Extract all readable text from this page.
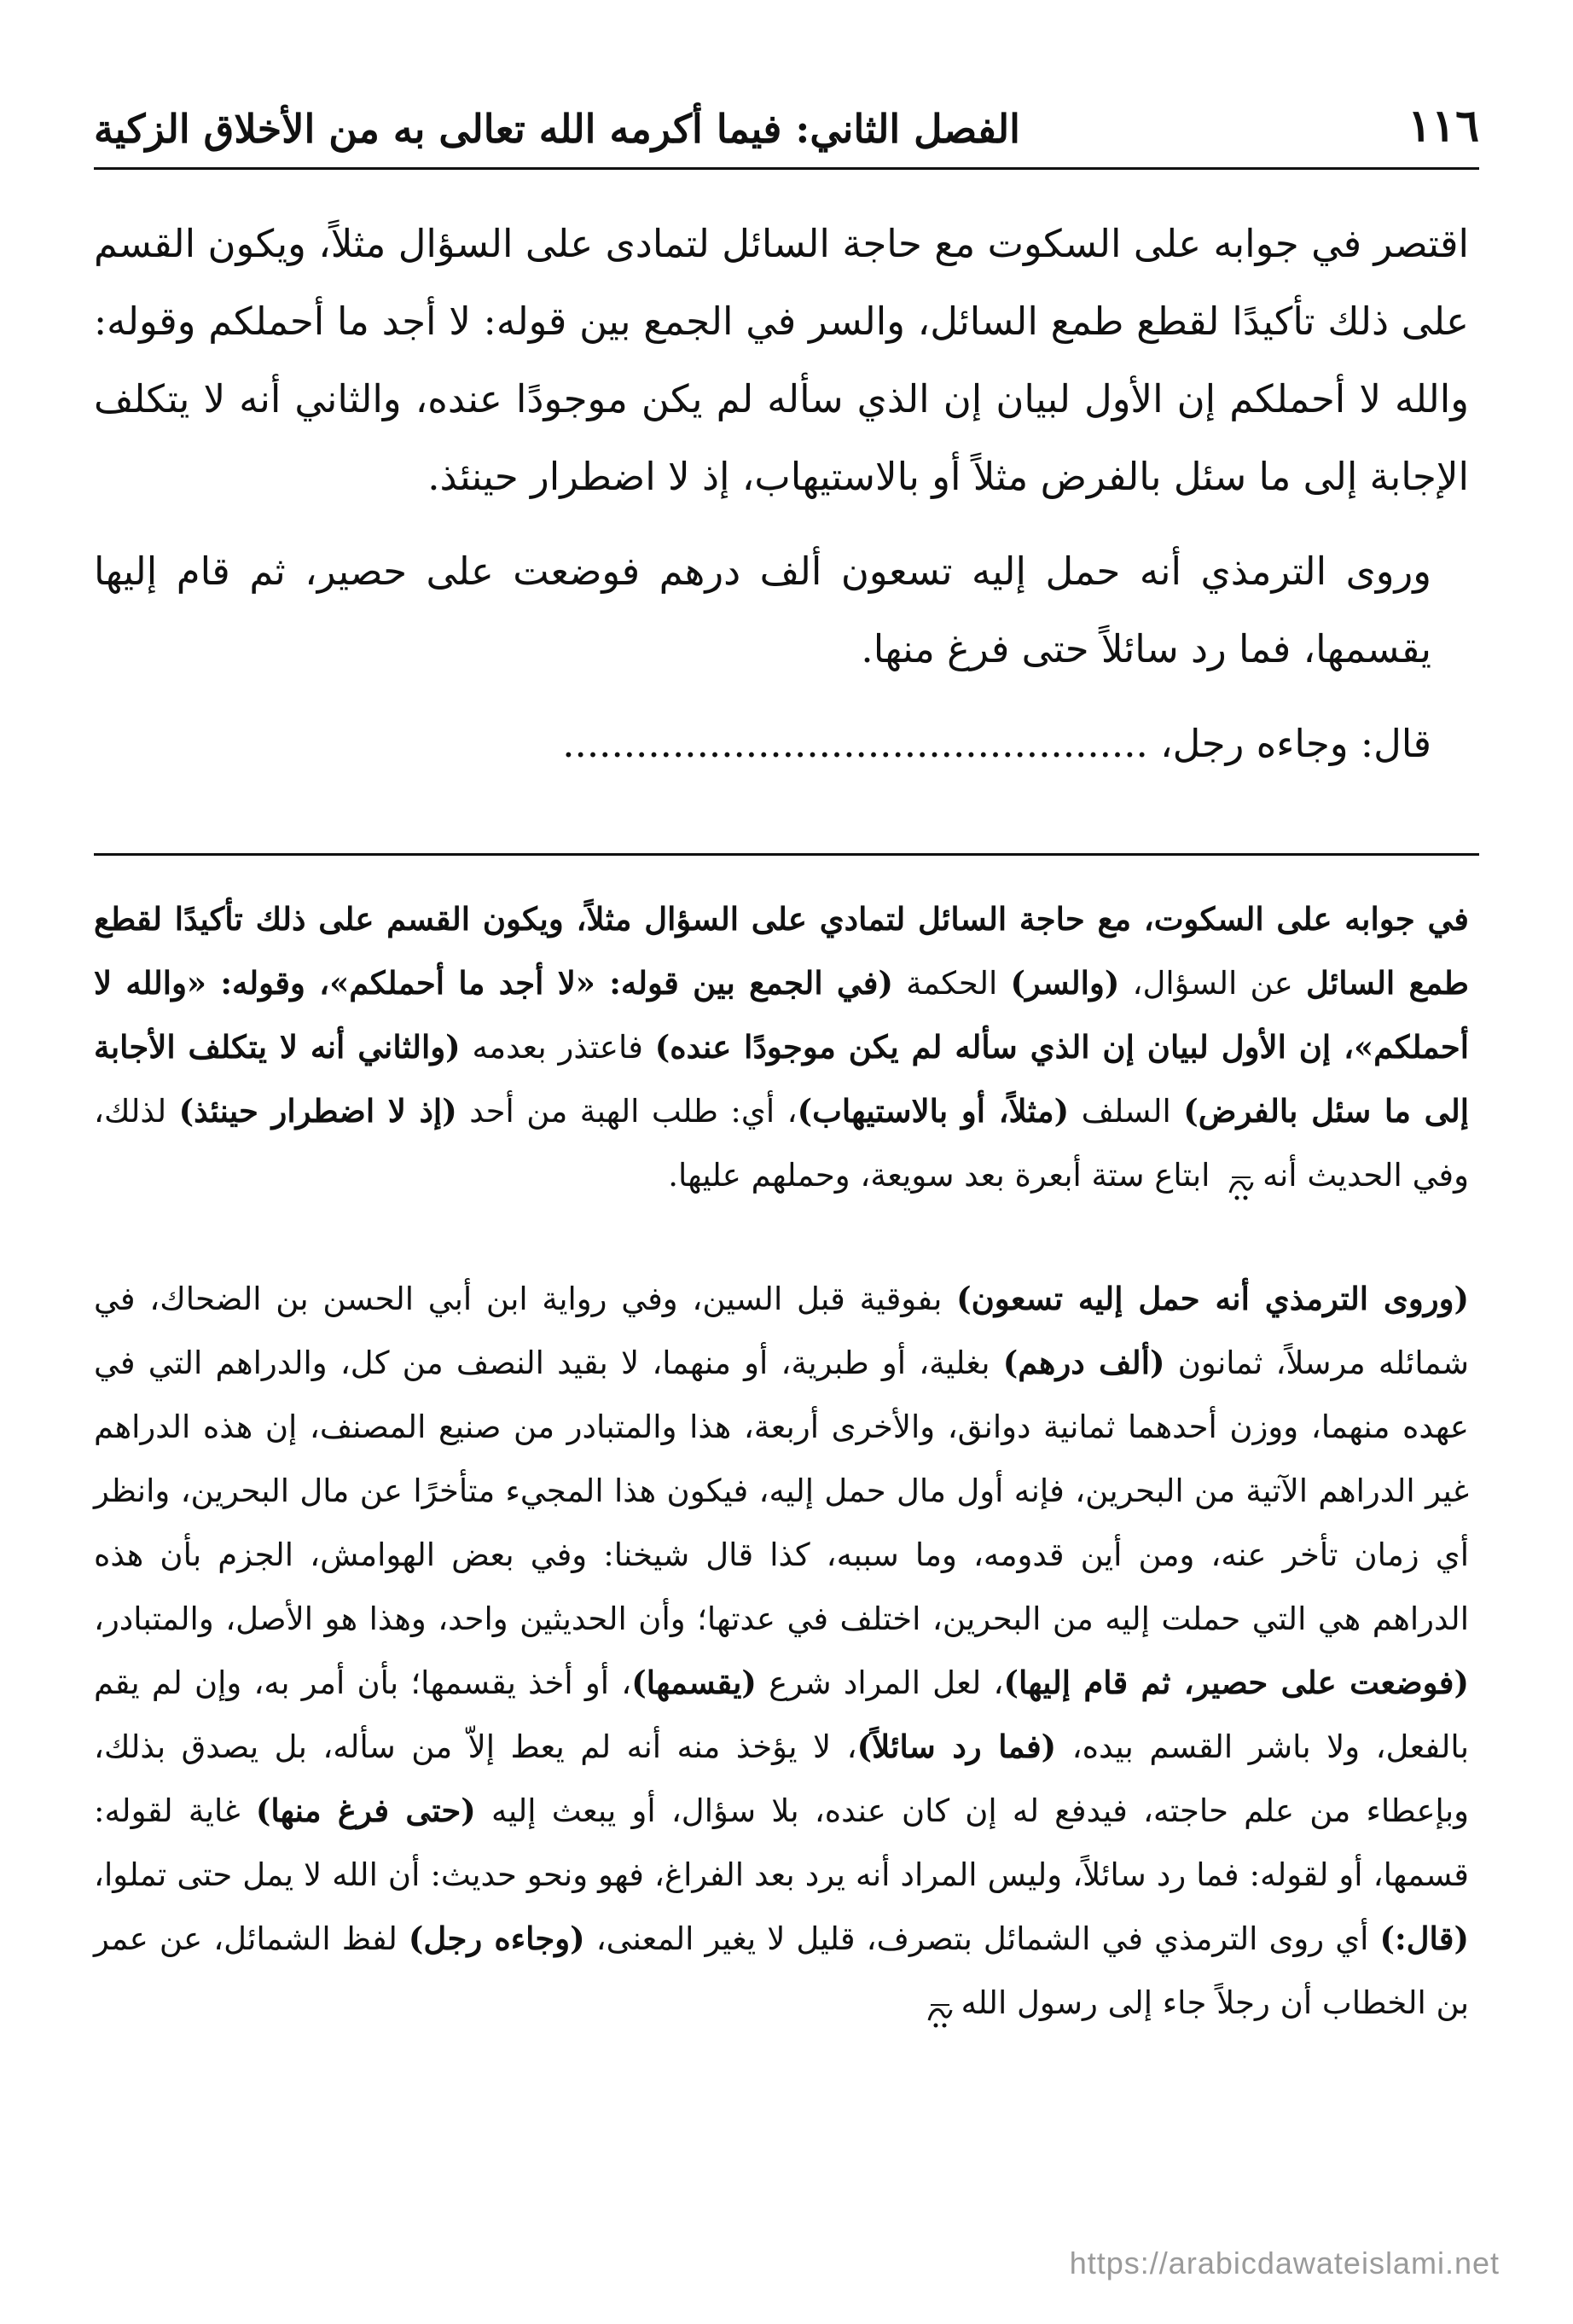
١١٦
الفصل الثاني: فيما أكرمه الله تعالى به من الأخلاق الزكية

اقتصر في جوابه على السكوت مع حاجة السائل لتمادى على السؤال مثلاً، ويكون القسم على ذلك تأكيدًا لقطع طمع السائل، والسر في الجمع بين قوله: لا أجد ما أحملكم وقوله: والله لا أحملكم إن الأول لبيان إن الذي سأله لم يكن موجودًا عنده، والثاني أنه لا يتكلف الإجابة إلى ما سئل بالفرض مثلاً أو بالاستيهاب، إذ لا اضطرار حينئذ.

وروى الترمذي أنه حمل إليه تسعون ألف درهم فوضعت على حصير، ثم قام إليها يقسمها، فما رد سائلاً حتى فرغ منها.

قال: وجاءه رجل، ................................................

في جوابه على السكوت، مع حاجة السائل لتمادي على السؤال مثلاً، ويكون القسم على ذلك تأكيدًا لقطع طمع السائل عن السؤال، (والسر) الحكمة (في الجمع بين قوله: «لا أجد ما أحملكم»، وقوله: «والله لا أحملكم»، إن الأول لبيان إن الذي سأله لم يكن موجودًا عنده) فاعتذر بعدمه (والثاني أنه لا يتكلف الأجابة إلى ما سئل بالفرض) السلف (مثلاً، أو بالاستيهاب)، أي: طلب الهبة من أحد (إذ لا اضطرار حينئذ) لذلك، وفي الحديث أنه ابتاع ستة أبعرة بعد سويعة، وحملهم عليها.

(وروى الترمذي أنه حمل إليه تسعون) بفوقية قبل السين، وفي رواية ابن أبي الحسن بن الضحاك، في شمائله مرسلاً، ثمانون (ألف درهم) بغلية، أو طبرية، أو منهما، لا بقيد النصف من كل، والدراهم التي في عهده منهما، ووزن أحدهما ثمانية دوانق، والأخرى أربعة، هذا والمتبادر من صنيع المصنف، إن هذه الدراهم غير الدراهم الآتية من البحرين، فإنه أول مال حمل إليه، فيكون هذا المجيء متأخرًا عن مال البحرين، وانظر أي زمان تأخر عنه، ومن أين قدومه، وما سببه، كذا قال شيخنا: وفي بعض الهوامش، الجزم بأن هذه الدراهم هي التي حملت إليه من البحرين، اختلف في عدتها؛ وأن الحديثين واحد، وهذا هو الأصل، والمتبادر، (فوضعت على حصير، ثم قام إليها)، لعل المراد شرع (يقسمها)، أو أخذ يقسمها؛ بأن أمر به، وإن لم يقم بالفعل، ولا باشر القسم بيده، (فما رد سائلاً)، لا يؤخذ منه أنه لم يعط إلاّ من سأله، بل يصدق بذلك، وبإعطاء من علم حاجته، فيدفع له إن كان عنده، بلا سؤال، أو يبعث إليه (حتى فرغ منها) غاية لقوله: قسمها، أو لقوله: فما رد سائلاً، وليس المراد أنه يرد بعد الفراغ، فهو ونحو حديث: أن الله لا يمل حتى تملوا، (قال:) أي روى الترمذي في الشمائل بتصرف، قليل لا يغير المعنى، (وجاءه رجل) لفظ الشمائل، عن عمر بن الخطاب أن رجلاً جاء إلى رسول الله

https://arabicdawateislami.net
